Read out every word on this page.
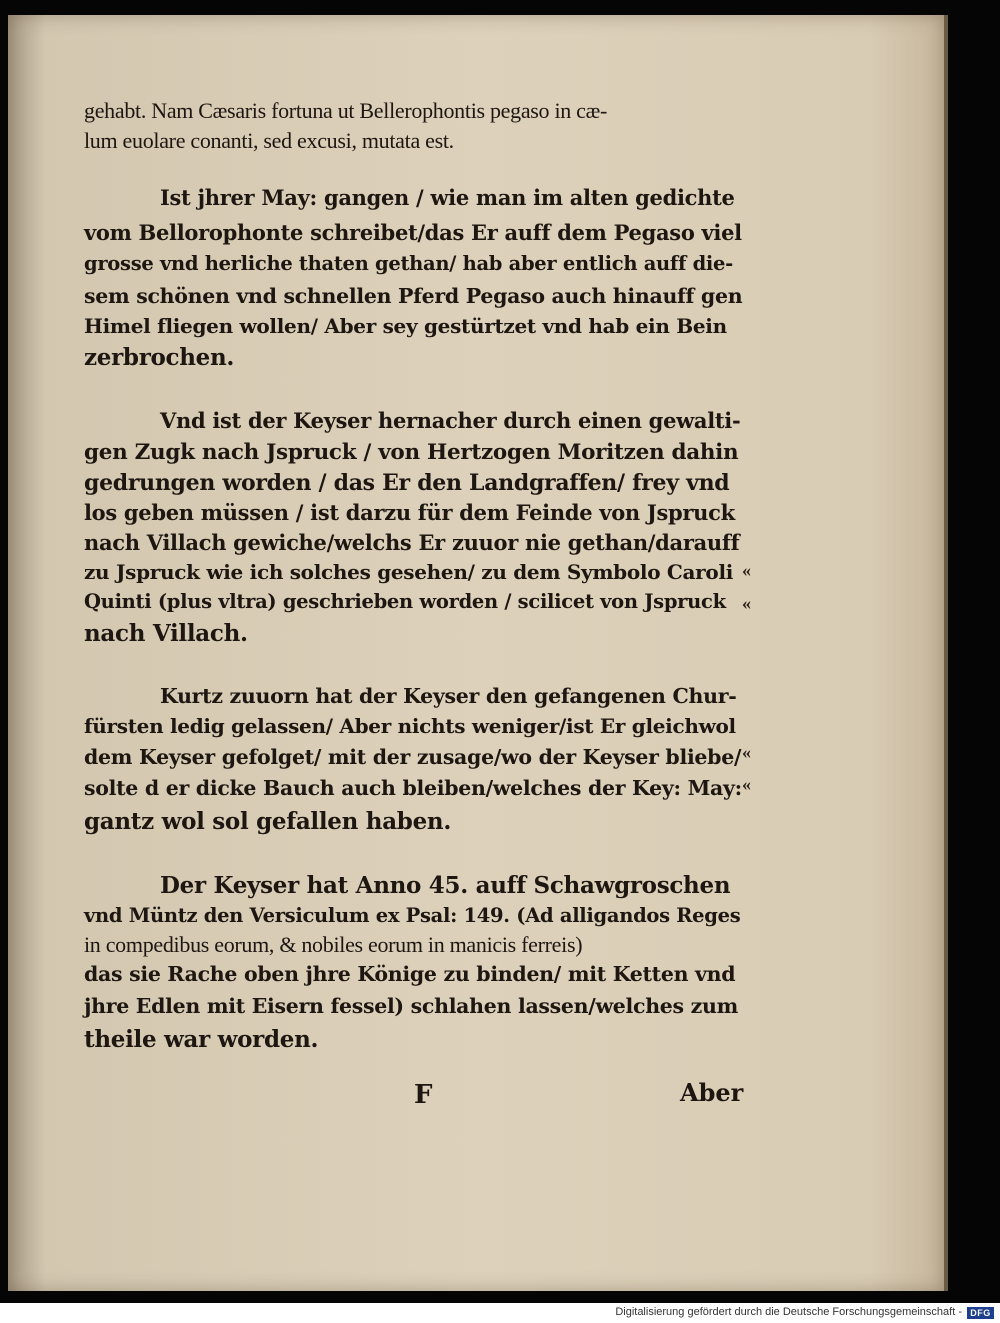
gehabt. Nam Cæsaris fortuna ut Bellerophontis pegaso in cæ-
lum euolare conanti, sed excusi, mutata est.
Ist jhrer May: gangen / wie man im alten gedichte
vom Bellorophonte schreibet/das Er auff dem Pegaso viel
grosse vnd herliche thaten gethan/ hab aber entlich auff die-
sem schönen vnd schnellen Pferd Pegaso auch hinauff gen
Himel fliegen wollen/ Aber sey gestürtzet vnd hab ein Bein
zerbrochen.
Vnd ist der Keyser hernacher durch einen gewalti-
gen Zugk nach Jspruck / von Hertzogen Moritzen dahin
gedrungen worden / das Er den Landgraffen/ frey vnd
los geben müssen / ist darzu für dem Feinde von Jspruck
nach Villach gewiche/welchs Er zuuor nie gethan/darauff
zu Jspruck wie ich solches gesehen/ zu dem Symbolo Caroli
Quinti (plus vltra) geschrieben worden / scilicet von Jspruck
nach Villach.
Kurtz zuuorn hat der Keyser den gefangenen Chur-
fürsten ledig gelassen/ Aber nichts weniger/ist Er gleichwol
dem Keyser gefolget/ mit der zusage/wo der Keyser bliebe/
solte d er dicke Bauch auch bleiben/welches der Key: May:
gantz wol sol gefallen haben.
Der Keyser hat Anno 45. auff Schawgroschen
vnd Müntz den Versiculum ex Psal: 149. (Ad alligandos Reges
in compedibus eorum, & nobiles eorum in manicis ferreis)
das sie Rache oben jhre Könige zu binden/ mit Ketten vnd
jhre Edlen mit Eisern fessel) schlahen lassen/welches zum
theile war worden.
«
«
«
«
F	Aber
Digitalisierung gefördert durch die Deutsche Forschungsgemeinschaft - DFG
